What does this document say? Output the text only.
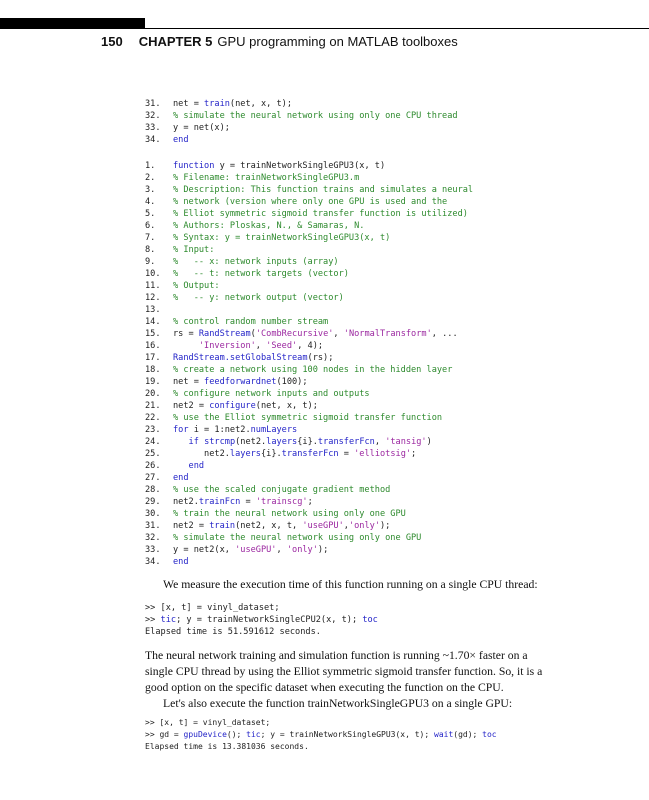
150 CHAPTER 5 GPU programming on MATLAB toolboxes
31. net = train(net, x, t);
32. % simulate the neural network using only one CPU thread
33. y = net(x);
34. end
1. function y = trainNetworkSingleGPU3(x, t)
2. % Filename: trainNetworkSingleGPU3.m
3. % Description: This function trains and simulates a neural
4. % network (version where only one GPU is used and the
5. % Elliot symmetric sigmoid transfer function is utilized)
6. % Authors: Ploskas, N., & Samaras, N.
7. % Syntax: y = trainNetworkSingleGPU3(x, t)
8. % Input:
9. %   -- x: network inputs (array)
10. %   -- t: network targets (vector)
11. % Output:
12. %   -- y: network output (vector)
13.
14. % control random number stream
15. rs = RandStream('CombRecursive', 'NormalTransform', ...
16.	'Inversion', 'Seed', 4);
17. RandStream.setGlobalStream(rs);
18. % create a network using 100 nodes in the hidden layer
19. net = feedforwardnet(100);
20. % configure network inputs and outputs
21. net2 = configure(net, x, t);
22. % use the Elliot symmetric sigmoid transfer function
23. for i = 1:net2.numLayers
24.	if strcmp(net2.layers{i}.transferFcn, 'tansig')
25.      net2.layers{i}.transferFcn = 'elliotsig';
26.	end
27. end
28. % use the scaled conjugate gradient method
29. net2.trainFcn = 'trainscg';
30. % train the neural network using only one GPU
31. net2 = train(net2, x, t, 'useGPU','only');
32. % simulate the neural network using only one GPU
33. y = net2(x, 'useGPU', 'only');
34. end

We measure the execution time of this function running on a single CPU thread:

>> [x, t] = vinyl_dataset;
>> tic; y = trainNetworkSingleCPU2(x, t); toc
Elapsed time is 51.591612 seconds.

The neural network training and simulation function is running ~1.70× faster on a single CPU thread by using the Elliot symmetric sigmoid transfer function. So, it is a good option on the specific dataset when executing the function on the CPU.

Let's also execute the function trainNetworkSingleGPU3 on a single GPU:

>> [x, t] = vinyl_dataset;
>> gd = gpuDevice(); tic; y = trainNetworkSingleGPU3(x, t); wait(gd); toc
Elapsed time is 13.381036 seconds.
